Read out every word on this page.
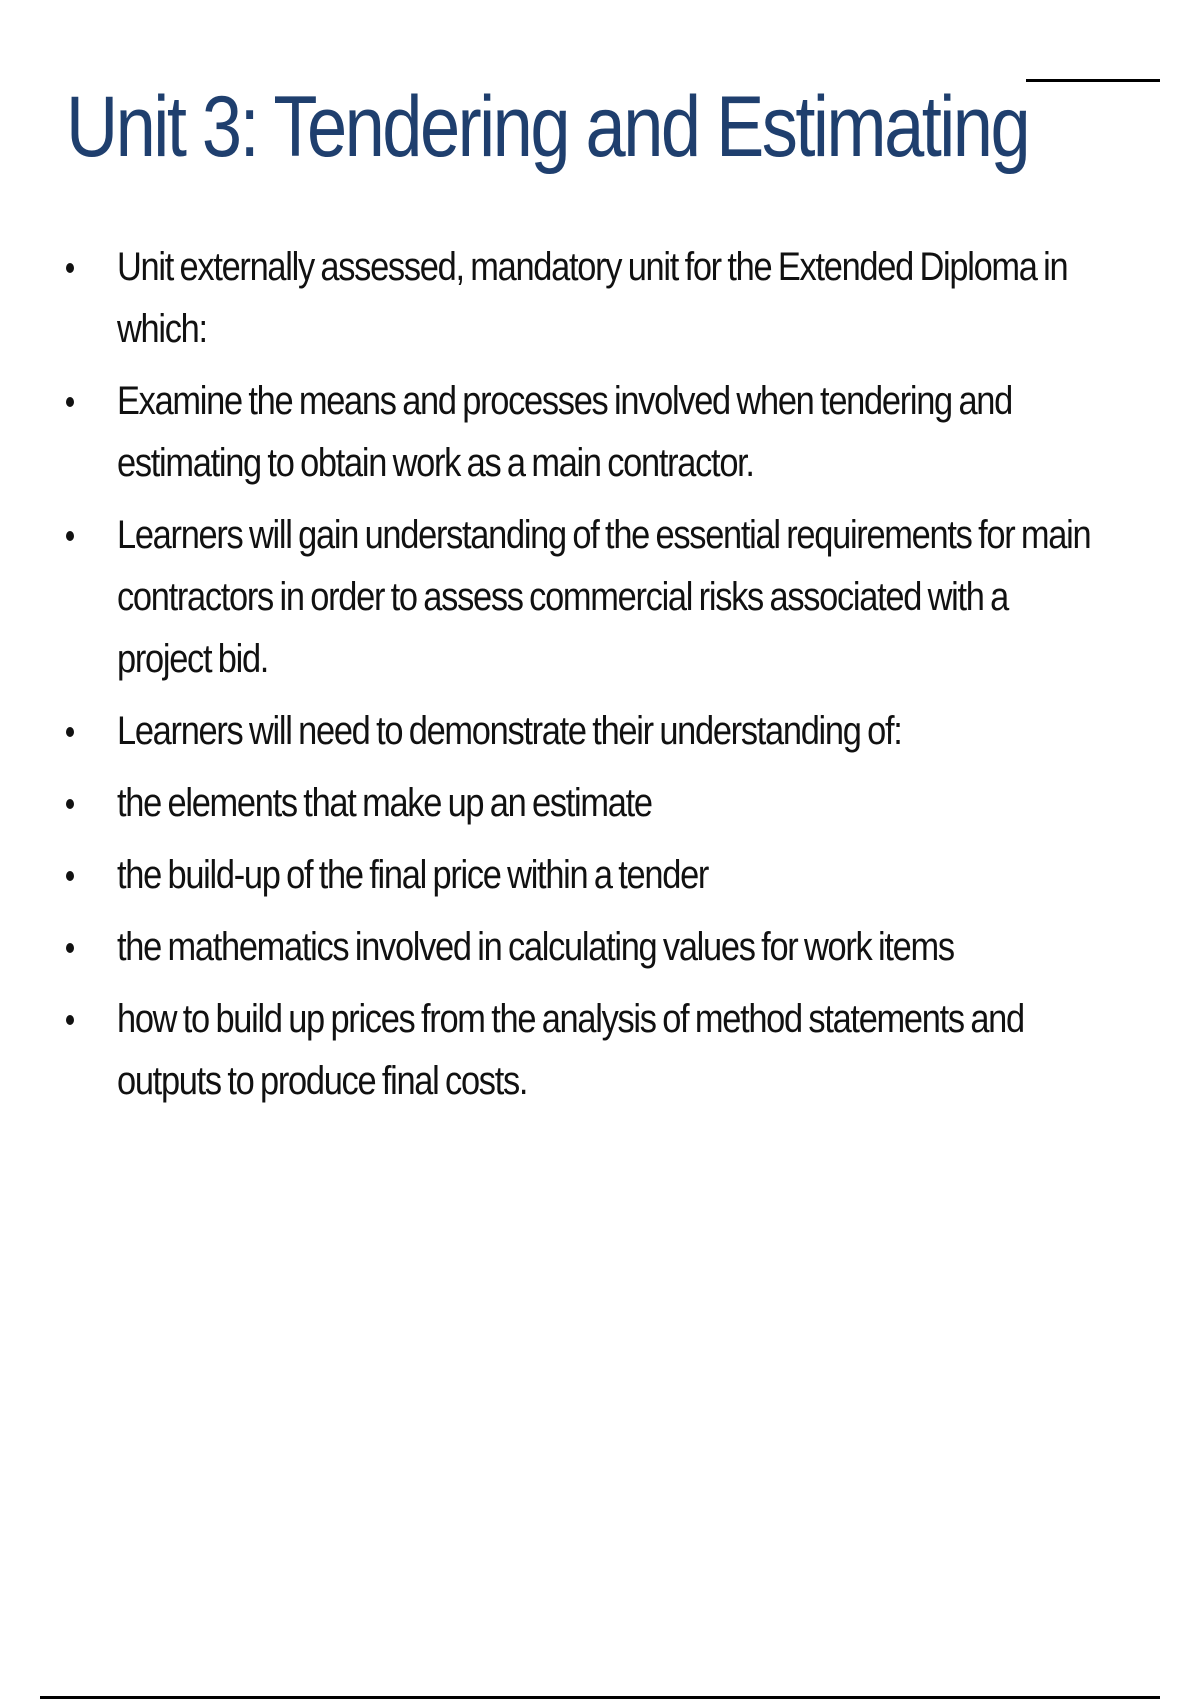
Unit 3: Tendering and Estimating
Unit externally assessed, mandatory unit for the Extended Diploma in which:
Examine the means and processes involved when tendering and estimating to obtain work as a main contractor.
Learners will gain understanding of the essential requirements for main contractors in order to assess commercial risks associated with a project bid.
Learners will need to demonstrate their understanding of:
the elements that make up an estimate
the build-up of the final price within a tender
the mathematics involved in calculating values for work items
how to build up prices from the analysis of method statements and outputs to produce final costs.
